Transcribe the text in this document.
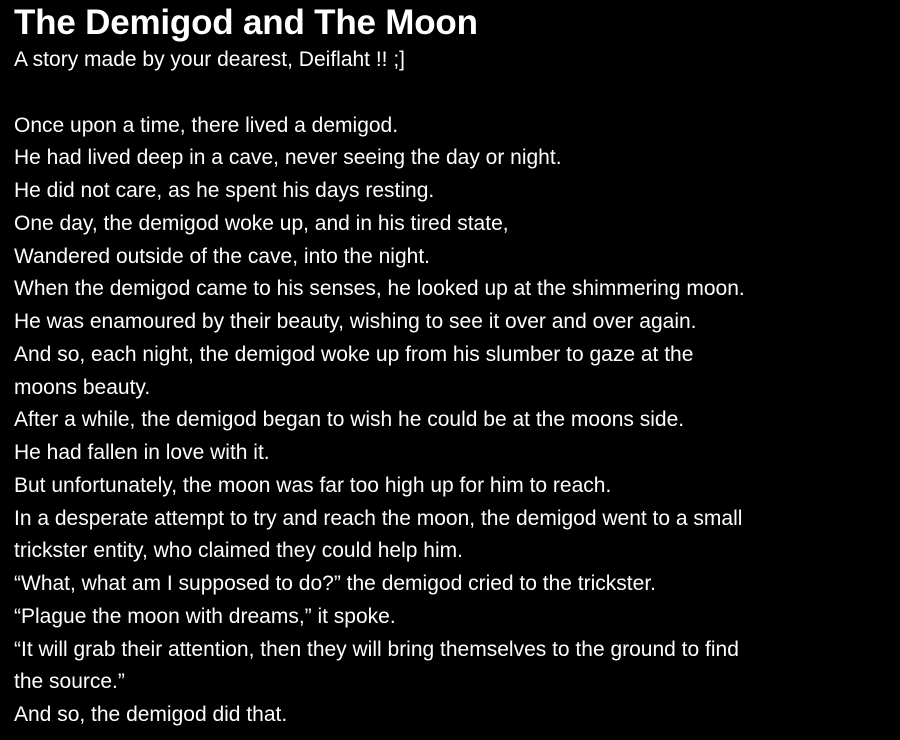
The Demigod and The Moon
A story made by your dearest, Deiflaht !! ;]
Once upon a time, there lived a demigod.
He had lived deep in a cave, never seeing the day or night.
He did not care, as he spent his days resting.
One day, the demigod woke up, and in his tired state,
Wandered outside of the cave, into the night.
When the demigod came to his senses, he looked up at the shimmering moon.
He was enamoured by their beauty, wishing to see it over and over again.
And so, each night, the demigod woke up from his slumber to gaze at the
moons beauty.
After a while, the demigod began to wish he could be at the moons side.
He had fallen in love with it.
But unfortunately, the moon was far too high up for him to reach.
In a desperate attempt to try and reach the moon, the demigod went to a small
trickster entity, who claimed they could help him.
“What, what am I supposed to do?” the demigod cried to the trickster.
“Plague the moon with dreams,” it spoke.
“It will grab their attention, then they will bring themselves to the ground to find
the source.”
And so, the demigod did that.
